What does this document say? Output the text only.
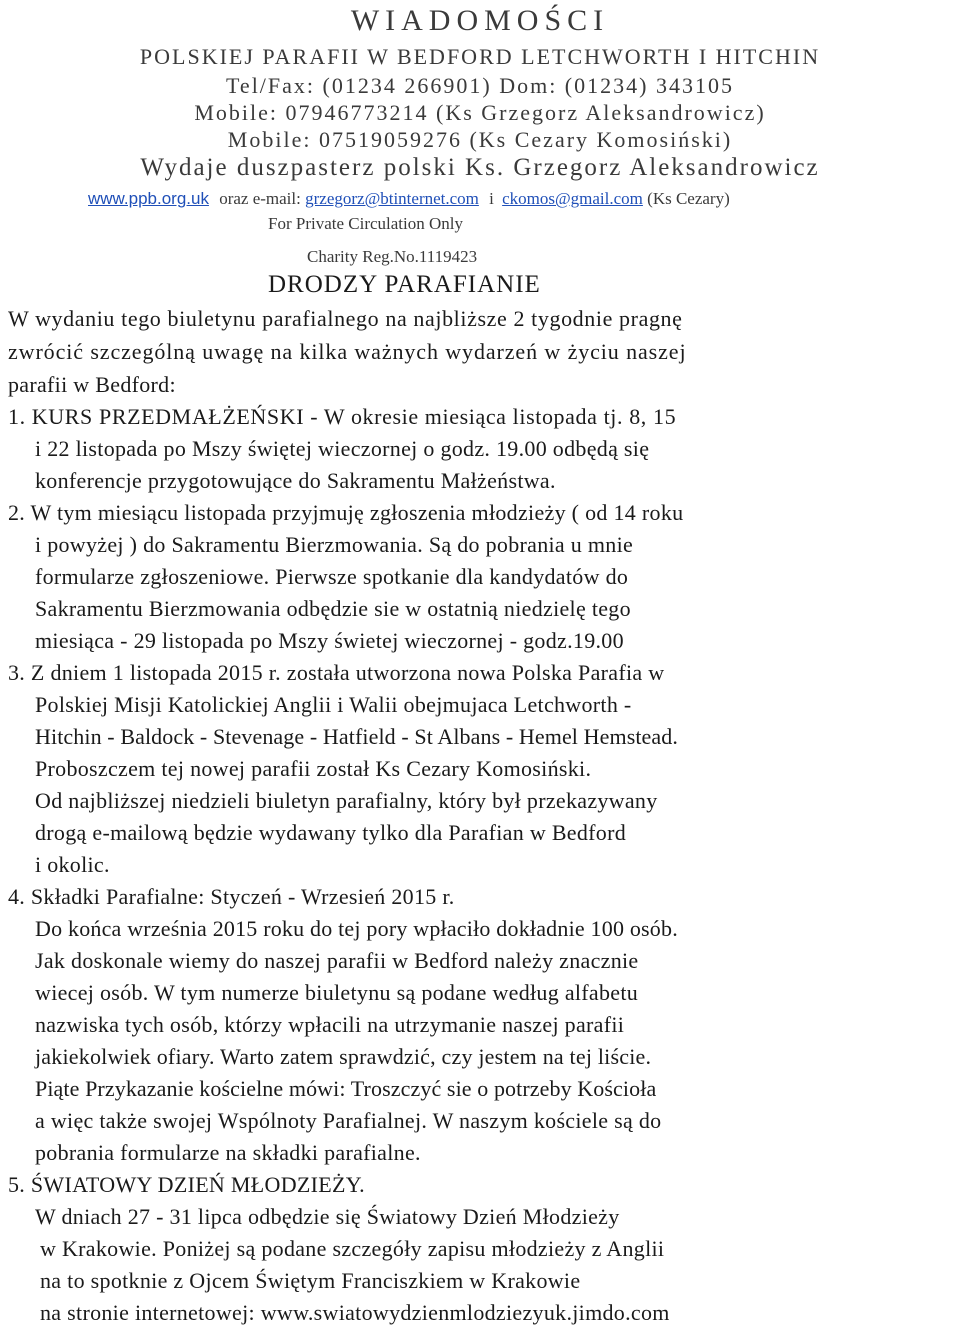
WIADOMOŚCI
POLSKIEJ PARAFII W BEDFORD LETCHWORTH I HITCHIN
Tel/Fax: (01234 266901) Dom: (01234) 343105
Mobile: 07946773214 (Ks Grzegorz Aleksandrowicz)
Mobile: 07519059276 (Ks Cezary Komosiński)
Wydaje duszpasterz polski Ks. Grzegorz Aleksandrowicz
www.ppb.org.uk oraz e-mail: grzegorz@btinternet.com i ckomos@gmail.com (Ks Cezary)
For Private Circulation Only
Charity Reg.No.1119423
DRODZY PARAFIANIE
W wydaniu tego biuletynu parafialnego na najbliższe 2 tygodnie pragnę
zwrócić szczególną uwagę na kilka ważnych wydarzeń w życiu naszej
parafii w Bedford:
1. KURS PRZEDMAŁŻEŃSKI - W okresie miesiąca listopada tj. 8, 15
i 22 listopada po Mszy świętej wieczornej o godz. 19.00 odbędą się
konferencje przygotowujące do Sakramentu Małżeństwa.
2. W tym miesiącu listopada przyjmuję zgłoszenia młodzieży ( od 14 roku
i powyżej ) do Sakramentu Bierzmowania. Są do pobrania u mnie
formularze zgłoszeniowe. Pierwsze spotkanie dla kandydatów do
Sakramentu Bierzmowania odbędzie sie w ostatnią niedzielę tego
miesiąca - 29 listopada po Mszy świetej wieczornej - godz.19.00
3. Z dniem 1 listopada 2015 r. została utworzona nowa Polska Parafia w
Polskiej Misji Katolickiej Anglii i Walii obejmujaca Letchworth -
Hitchin - Baldock - Stevenage - Hatfield - St Albans - Hemel Hemstead.
Proboszczem tej nowej parafii został Ks Cezary Komosiński.
Od najbliższej niedzieli biuletyn parafialny, który był przekazywany
drogą e-mailową będzie wydawany tylko dla Parafian w Bedford
i okolic.
4. Składki Parafialne: Styczeń - Wrzesień 2015 r.
Do końca września 2015 roku do tej pory wpłaciło dokładnie 100 osób.
Jak doskonale wiemy do naszej parafii w Bedford należy znacznie
wiecej osób. W tym numerze biuletynu są podane według alfabetu
nazwiska tych osób, którzy wpłacili na utrzymanie naszej parafii
jakiekolwiek ofiary. Warto zatem sprawdzić, czy jestem na tej liście.
Piąte Przykazanie kościelne mówi: Troszczyć sie o potrzeby Kościoła
a więc także swojej Wspólnoty Parafialnej. W naszym kościele są do
pobrania formularze na składki parafialne.
5. ŚWIATOWY DZIEŃ MŁODZIEŻY.
W dniach 27 - 31 lipca odbędzie się Światowy Dzień Młodzieży
w Krakowie. Poniżej są podane szczegóły zapisu młodzieży z Anglii
na to spotknie z Ojcem Świętym Franciszkiem w Krakowie
na stronie internetowej: www.swiatowydzienmlodziezyuk.jimdo.com
